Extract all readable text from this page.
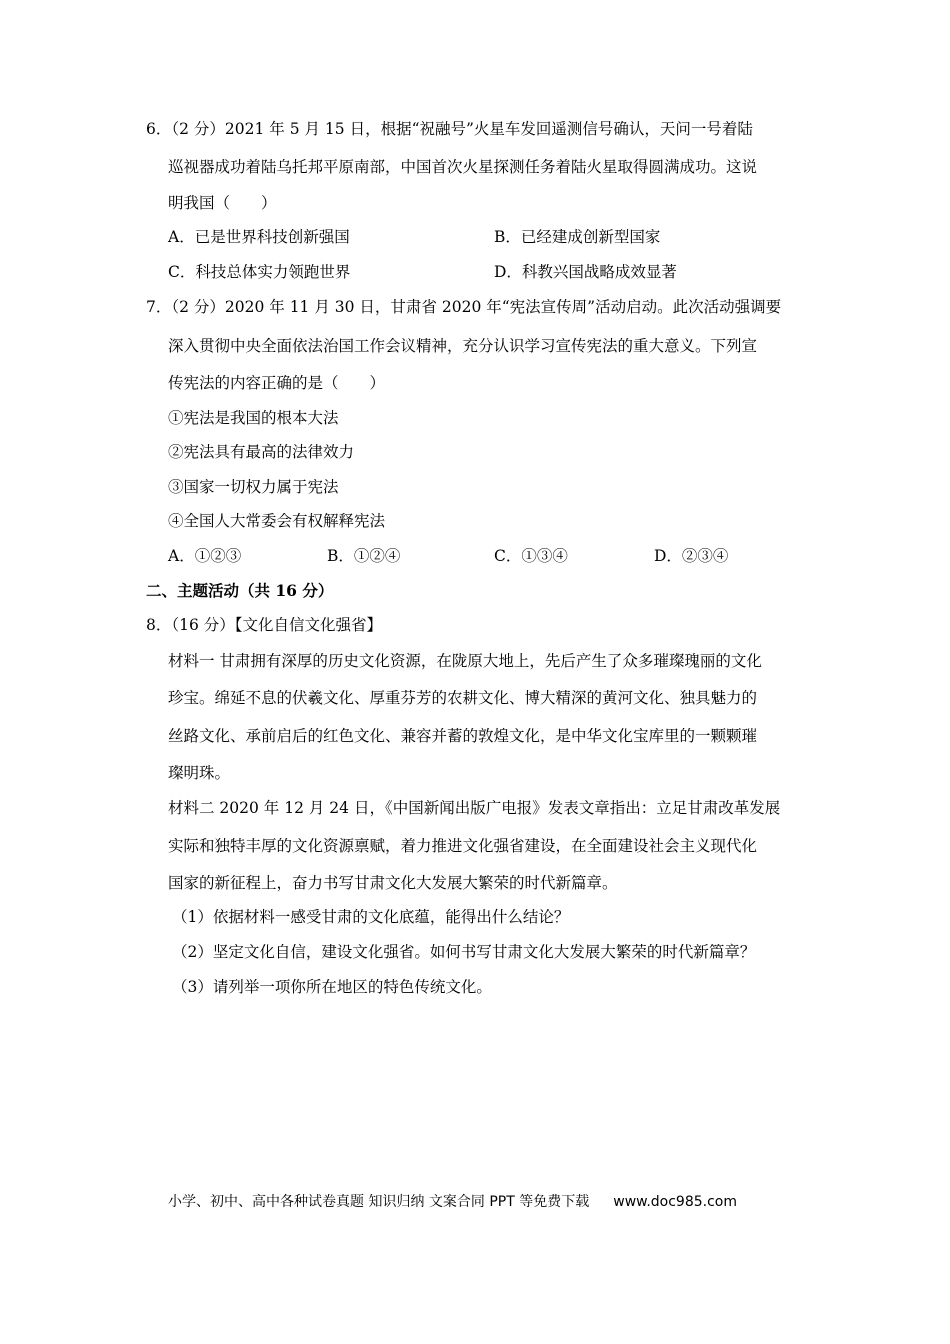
6．（2 分）2021 年 5 月 15 日，根据“祝融号”火星车发回遥测信号确认，天问一号着陆
巡视器成功着陆乌托邦平原南部，中国首次火星探测任务着陆火星取得圆满成功。这说
明我国（　　）
A．已是世界科技创新强国	B．已经建成创新型国家
C．科技总体实力领跑世界	D．科教兴国战略成效显著
7．（2 分）2020 年 11 月 30 日，甘肃省 2020 年“宪法宣传周”活动启动。此次活动强调要
深入贯彻中央全面依法治国工作会议精神，充分认识学习宣传宪法的重大意义。下列宣
传宪法的内容正确的是（　　）
①宪法是我国的根本大法
②宪法具有最高的法律效力
③国家一切权力属于宪法
④全国人大常委会有权解释宪法
A．①②③	B．①②④	C．①③④	D．②③④
二、主题活动（共 16 分）
8．（16 分）【文化自信文化强省】
材料一 甘肃拥有深厚的历史文化资源，在陇原大地上，先后产生了众多璀璨瑰丽的文化
珍宝。绵延不息的伏羲文化、厚重芬芳的农耕文化、博大精深的黄河文化、独具魅力的
丝路文化、承前启后的红色文化、兼容并蓄的敦煌文化，是中华文化宝库里的一颗颗璀
璨明珠。
材料二 2020 年 12 月 24 日，《中国新闻出版广电报》发表文章指出：立足甘肃改革发展
实际和独特丰厚的文化资源禀赋，着力推进文化强省建设，在全面建设社会主义现代化
国家的新征程上，奋力书写甘肃文化大发展大繁荣的时代新篇章。
（1）依据材料一感受甘肃的文化底蕴，能得出什么结论？
（2）坚定文化自信，建设文化强省。如何书写甘肃文化大发展大繁荣的时代新篇章？
（3）请列举一项你所在地区的特色传统文化。
小学、初中、高中各种试卷真题 知识归纳 文案合同 PPT 等免费下载 www.doc985.com
